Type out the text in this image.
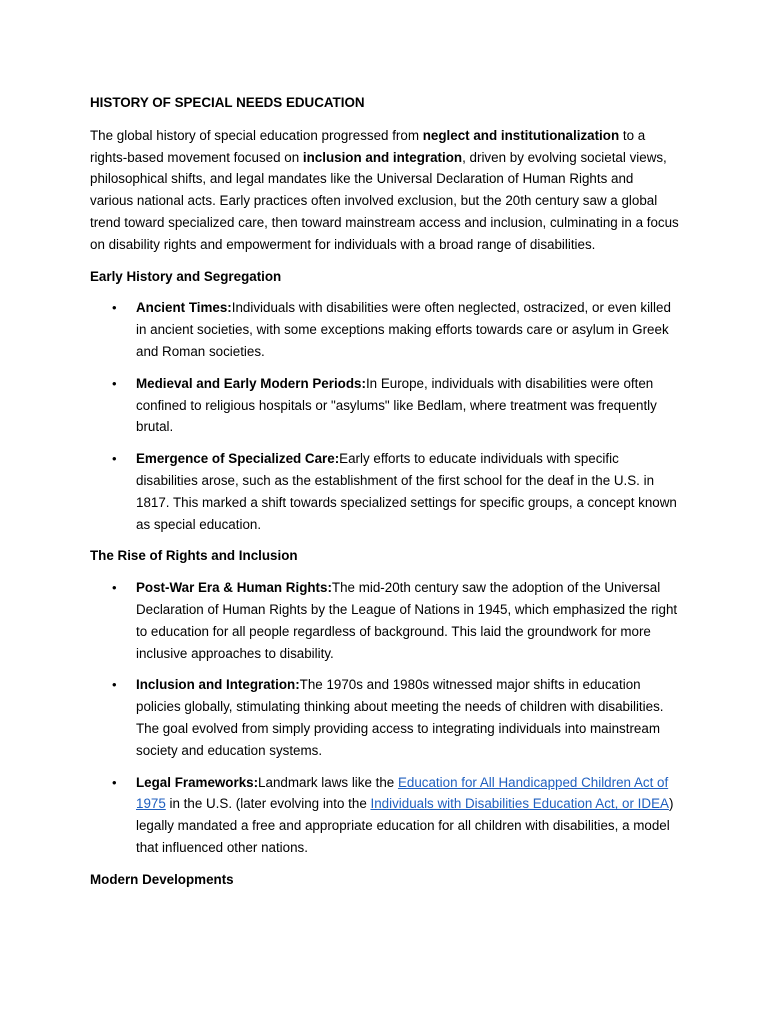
HISTORY OF SPECIAL NEEDS EDUCATION

The global history of special education progressed from neglect and institutionalization to a rights-based movement focused on inclusion and integration, driven by evolving societal views, philosophical shifts, and legal mandates like the Universal Declaration of Human Rights and various national acts. Early practices often involved exclusion, but the 20th century saw a global trend toward specialized care, then toward mainstream access and inclusion, culminating in a focus on disability rights and empowerment for individuals with a broad range of disabilities.

Early History and Segregation
• Ancient Times:Individuals with disabilities were often neglected, ostracized, or even killed in ancient societies, with some exceptions making efforts towards care or asylum in Greek and Roman societies.
• Medieval and Early Modern Periods:In Europe, individuals with disabilities were often confined to religious hospitals or "asylums" like Bedlam, where treatment was frequently brutal.
• Emergence of Specialized Care:Early efforts to educate individuals with specific disabilities arose, such as the establishment of the first school for the deaf in the U.S. in 1817. This marked a shift towards specialized settings for specific groups, a concept known as special education.
The Rise of Rights and Inclusion
• Post-War Era & Human Rights:The mid-20th century saw the adoption of the Universal Declaration of Human Rights by the League of Nations in 1945, which emphasized the right to education for all people regardless of background. This laid the groundwork for more inclusive approaches to disability.
• Inclusion and Integration:The 1970s and 1980s witnessed major shifts in education policies globally, stimulating thinking about meeting the needs of children with disabilities. The goal evolved from simply providing access to integrating individuals into mainstream society and education systems.
• Legal Frameworks:Landmark laws like the Education for All Handicapped Children Act of 1975 in the U.S. (later evolving into the Individuals with Disabilities Education Act, or IDEA) legally mandated a free and appropriate education for all children with disabilities, a model that influenced other nations.
Modern Developments
